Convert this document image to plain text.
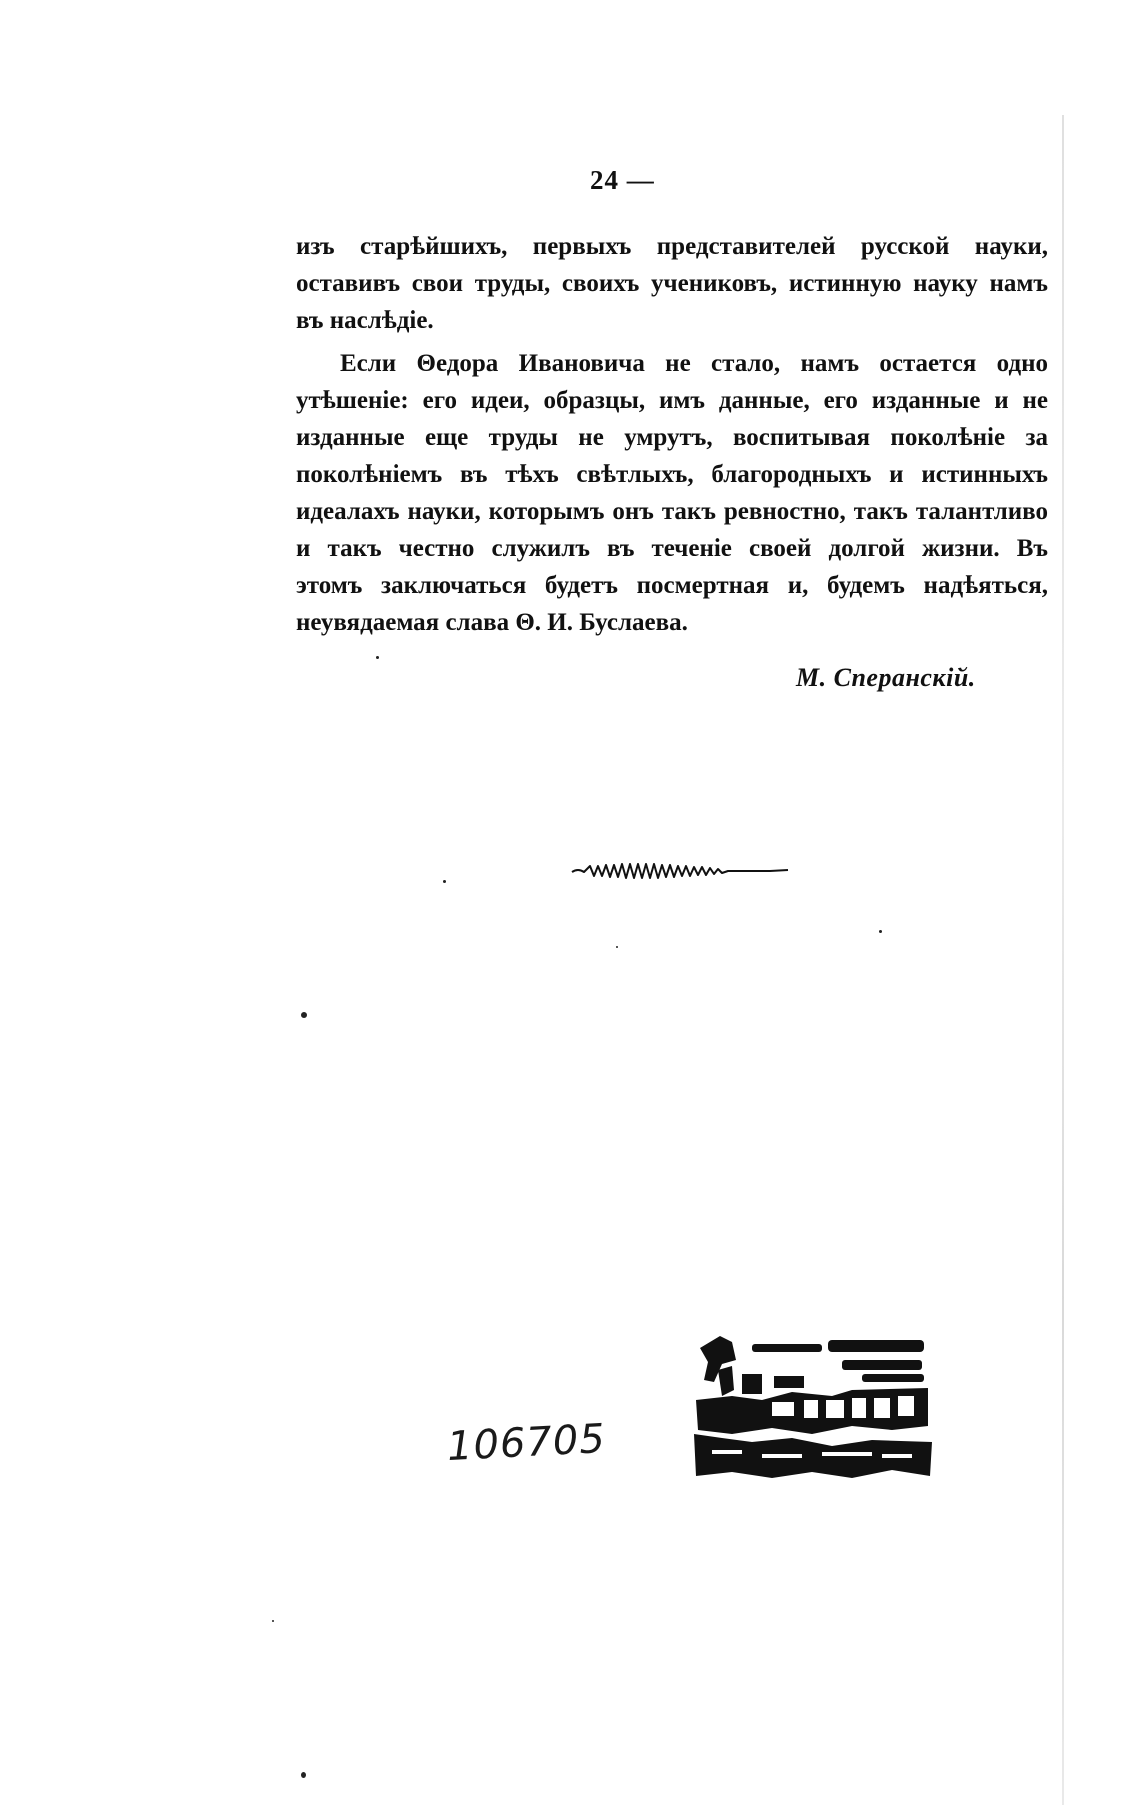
24 —
изъ старѣйшихъ, первыхъ представителей русской науки,
оставивъ свои труды, своихъ учениковъ, истинную науку намъ
въ наслѣдіе.
Если Θедора Ивановича не стало, намъ остается одно
утѣшеніе: его идеи, образцы, имъ данные, его изданные и не
изданные еще труды не умрутъ, воспитывая поколѣніе за
поколѣніемъ въ тѣхъ свѣтлыхъ, благородныхъ и истинныхъ
идеалахъ науки, которымъ онъ такъ ревностно, такъ талантливо
и такъ честно служилъ въ теченіе своей долгой жизни. Въ
этомъ заключаться будетъ посмертная и, будемъ надѣяться,
неувядаемая слава Θ. И. Буслаева.
М. Сперанскій.
106705
